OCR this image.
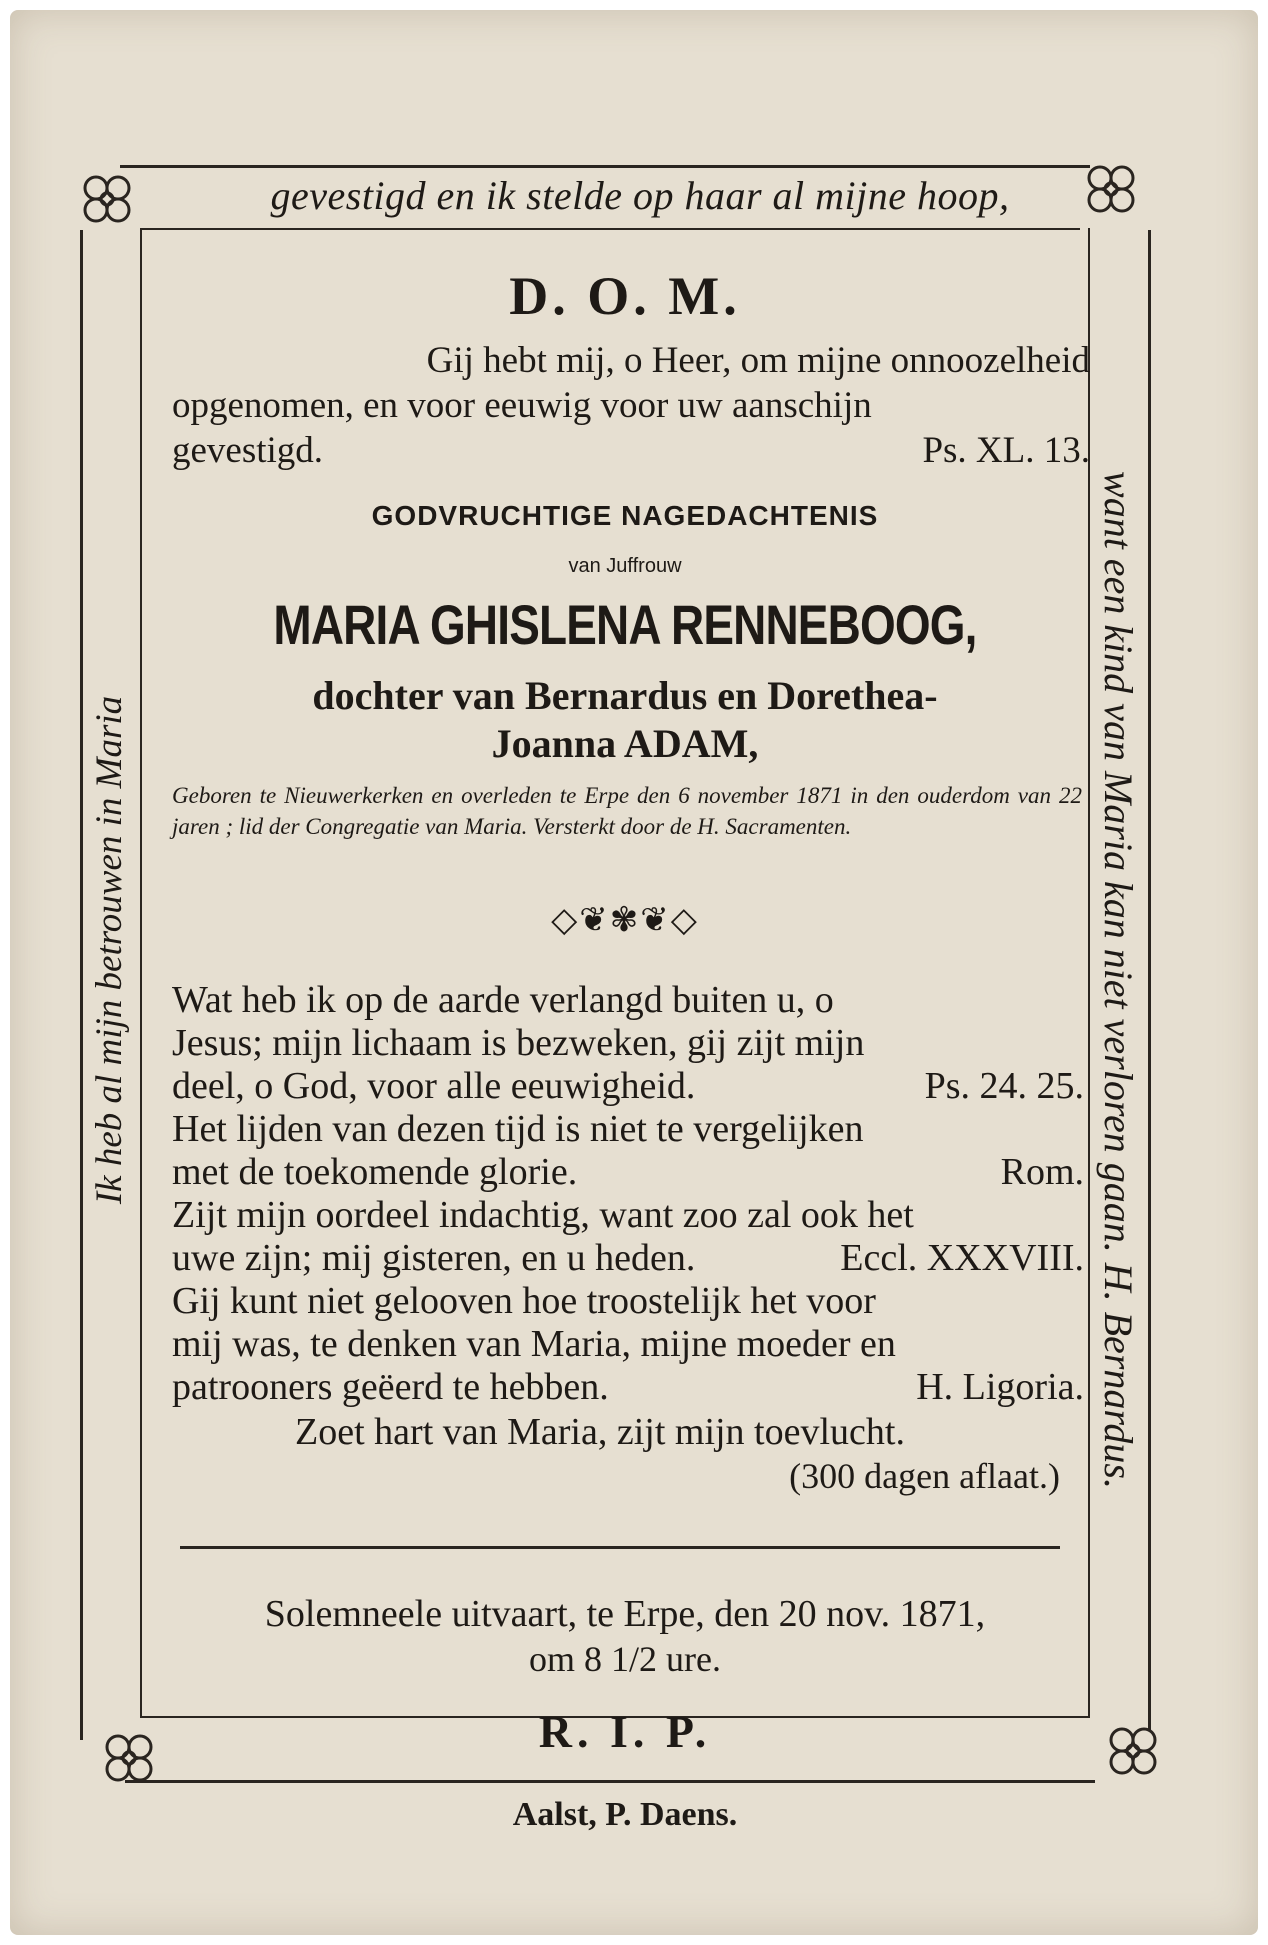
gevestigd en ik stelde op haar al mijne hoop,
Ik heb al mijn betrouwen in Maria	want een kind van Maria kan niet verloren gaan. H. Bernardus.
D. O. M.
Gij hebt mij, o Heer, om mijne onnoozelheid
opgenomen, en voor eeuwig voor uw aanschijn
gevestigd.	Ps. XL. 13.
GODVRUCHTIGE NAGEDACHTENIS
van Juffrouw
MARIA GHISLENA RENNEBOOG,
dochter van Bernardus en Dorethea-
Joanna ADAM,
Geboren te Nieuwerkerken en overleden te Erpe den 6 november 1871 in den ouderdom van 22 jaren ; lid der Congregatie van Maria. Versterkt door de H. Sacramenten.
◇❦✾❦◇
Wat heb ik op de aarde verlangd buiten u, o
Jesus; mijn lichaam is bezweken, gij zijt mijn
deel, o God, voor alle eeuwigheid.	Ps. 24. 25.
Het lijden van dezen tijd is niet te vergelijken
met de toekomende glorie.	Rom.
Zijt mijn oordeel indachtig, want zoo zal ook het
uwe zijn; mij gisteren, en u heden.	Eccl. XXXVIII.
Gij kunt niet gelooven hoe troostelijk het voor
mij was, te denken van Maria, mijne moeder en
patrooners geëerd te hebben.	H. Ligoria.
Zoet hart van Maria, zijt mijn toevlucht.
(300 dagen aflaat.)
Solemneele uitvaart, te Erpe, den 20 nov. 1871,
om 8 1/2 ure.
R. I. P.
Aalst, P. Daens.
